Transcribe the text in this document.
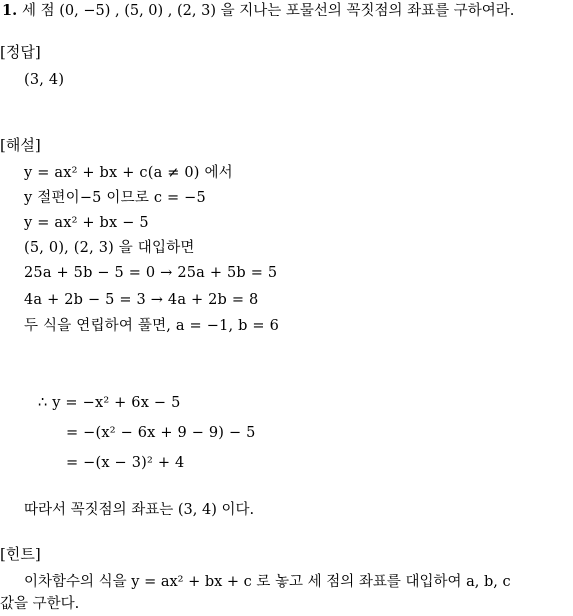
1. 세 점 (0, −5) , (5, 0) , (2, 3) 을 지나는 포물선의 꼭짓점의 좌표를 구하여라.
[정답]
(3, 4)
[해설]
y = ax² + bx + c(a ≠ 0) 에서
y 절편이−5 이므로 c = −5
y = ax² + bx − 5
(5, 0), (2, 3) 을 대입하면
25a + 5b − 5 = 0 → 25a + 5b = 5
4a + 2b − 5 = 3 → 4a + 2b = 8
두 식을 연립하여 풀면, a = −1, b = 6
∴ y = −x² + 6x − 5
= −(x² − 6x + 9 − 9) − 5
= −(x − 3)² + 4
따라서 꼭짓점의 좌표는 (3, 4) 이다.
[힌트]
이차함수의 식을 y = ax² + bx + c 로 놓고 세 점의 좌표를 대입하여 a, b, c
값을 구한다.
